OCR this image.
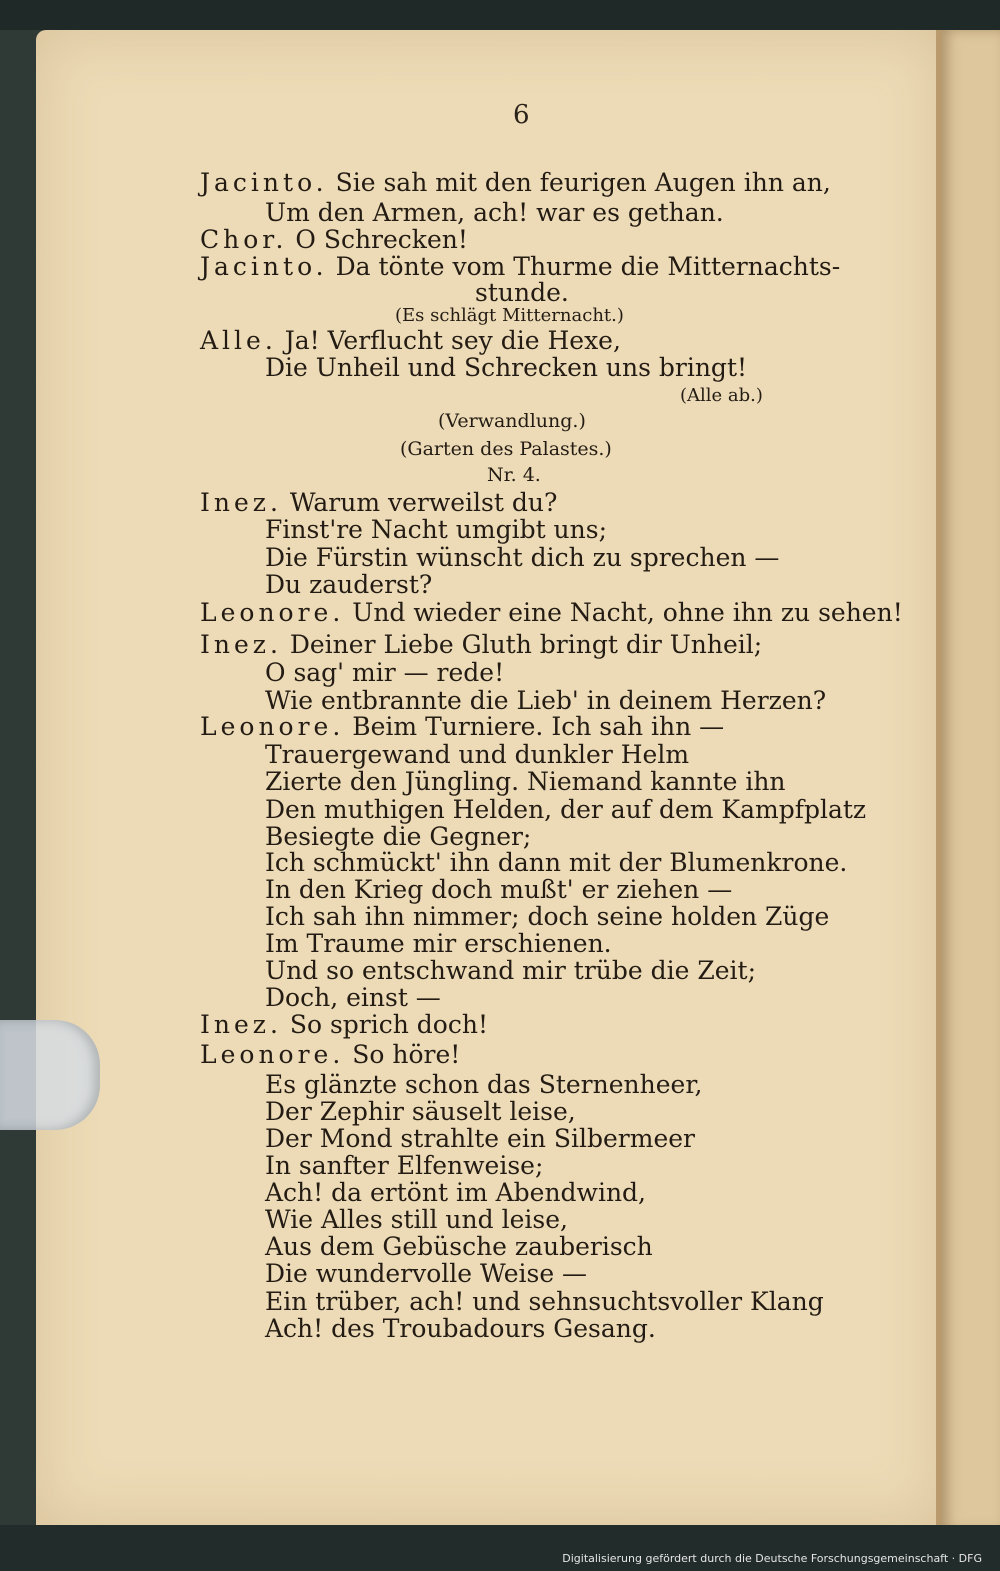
6
Jacinto. Sie sah mit den feurigen Augen ihn an,
Um den Armen, ach! war es gethan.
Chor. O Schrecken!
Jacinto. Da tönte vom Thurme die Mitternachts-
stunde.
(Es schlägt Mitternacht.)
Alle. Ja! Verflucht sey die Hexe,
Die Unheil und Schrecken uns bringt!
(Alle ab.)
(Verwandlung.)
(Garten des Palastes.)
Nr. 4.
Inez. Warum verweilst du?
Finst're Nacht umgibt uns;
Die Fürstin wünscht dich zu sprechen —
Du zauderst?
Leonore. Und wieder eine Nacht, ohne ihn zu sehen!
Inez. Deiner Liebe Gluth bringt dir Unheil;
O sag' mir — rede!
Wie entbrannte die Lieb' in deinem Herzen?
Leonore. Beim Turniere. Ich sah ihn —
Trauergewand und dunkler Helm
Zierte den Jüngling. Niemand kannte ihn
Den muthigen Helden, der auf dem Kampfplatz
Besiegte die Gegner;
Ich schmückt' ihn dann mit der Blumenkrone.
In den Krieg doch mußt' er ziehen —
Ich sah ihn nimmer; doch seine holden Züge
Im Traume mir erschienen.
Und so entschwand mir trübe die Zeit;
Doch, einst —
Inez. So sprich doch!
Leonore. So höre!
Es glänzte schon das Sternenheer,
Der Zephir säuselt leise,
Der Mond strahlte ein Silbermeer
In sanfter Elfenweise;
Ach! da ertönt im Abendwind,
Wie Alles still und leise,
Aus dem Gebüsche zauberisch
Die wundervolle Weise —
Ein trüber, ach! und sehnsuchtsvoller Klang
Ach! des Troubadours Gesang.
Digitalisierung gefördert durch die Deutsche Forschungsgemeinschaft · DFG
